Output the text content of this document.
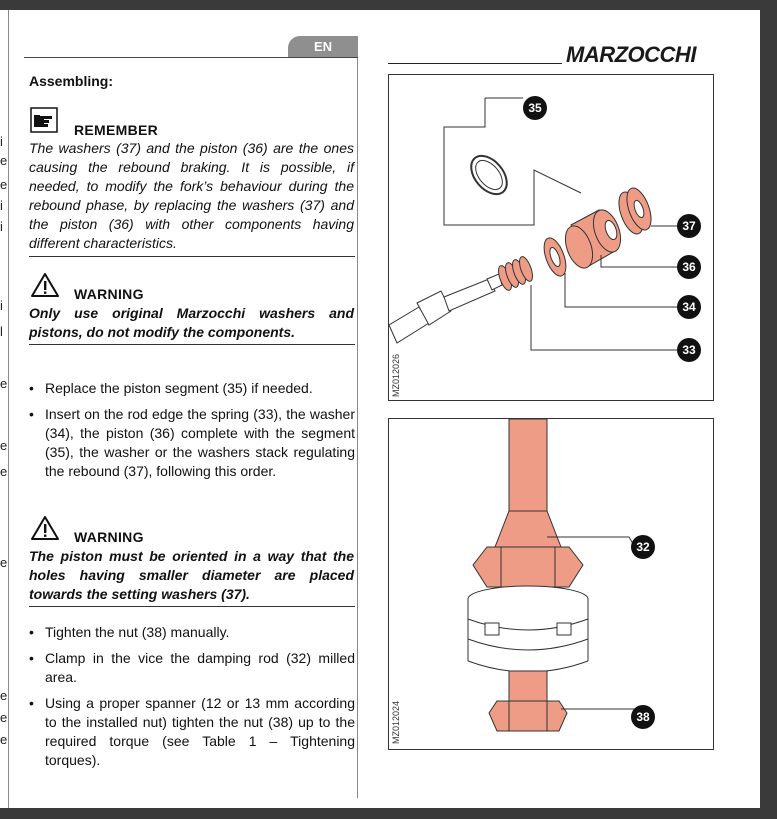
i
e
e
i
i
i
l
e
e
e
e
e
e
e
EN
Assembling:
REMEMBER
The washers (37) and the piston (36) are the ones causing the rebound braking. It is possible, if needed, to modify the fork’s behaviour during the rebound phase, by replacing the washers (37) and the piston (36) with other components having different characteristics.
WARNING
Only use original Marzocchi washers and pistons, do not modify the components.
• Replace the piston segment (35) if needed.
• Insert on the rod edge the spring (33), the washer (34), the piston (36) complete with the segment (35), the washer or the washers stack regulating the rebound (37), following this order.
WARNING
The piston must be oriented in a way that the holes having smaller diameter are placed towards the setting washers (37).
• Tighten the nut (38) manually.
• Clamp in the vice the damping rod (32) milled area.
• Using a proper spanner (12 or 13 mm according to the installed nut) tighten the nut (38) up to the required torque (see Table 1 – Tightening torques).
MARZOCCHI
35
37
36
34
33
MZ012026
32
38
MZ012024
